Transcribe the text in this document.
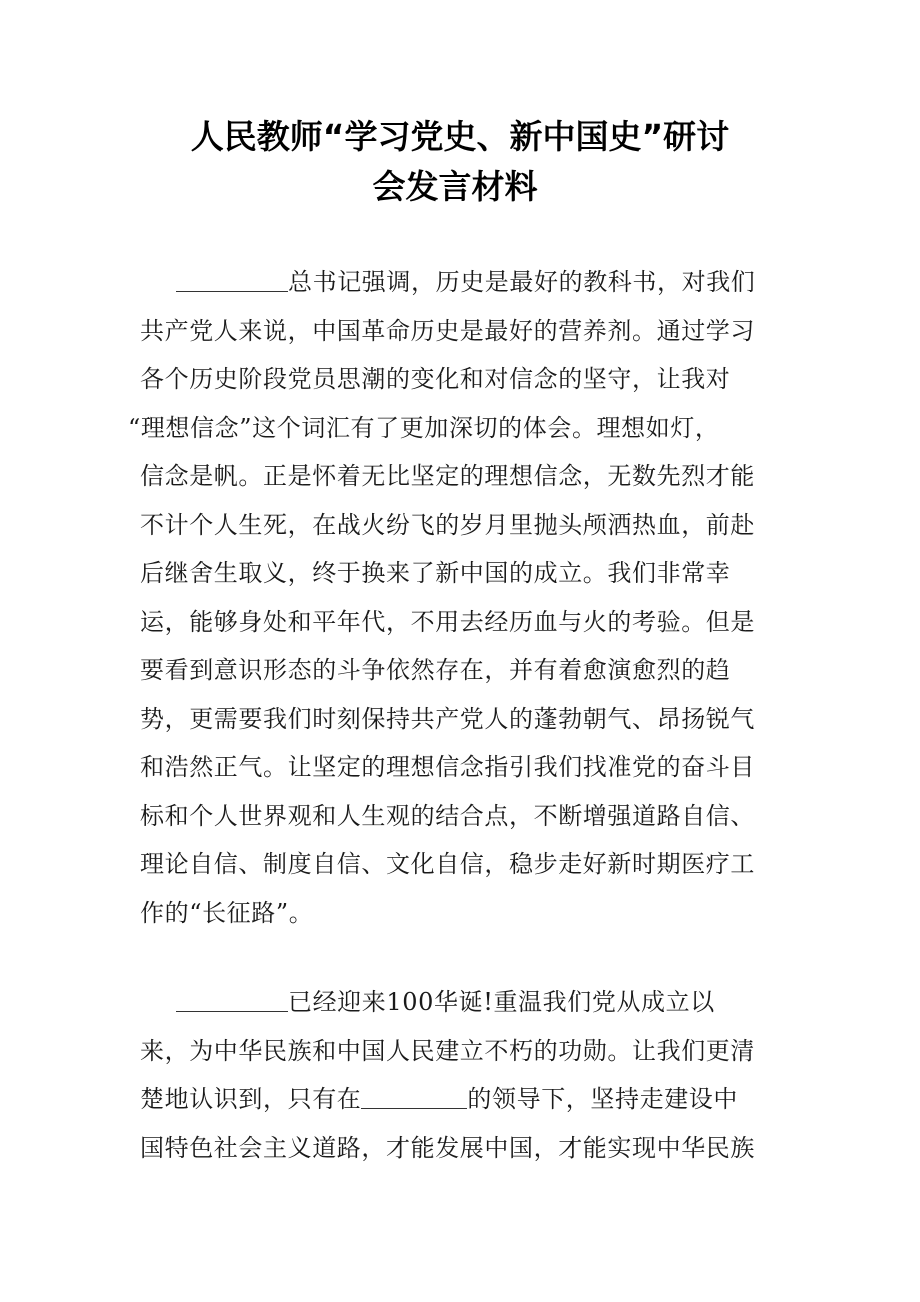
人民教师“学习党史、新中国史”研讨
会发言材料
总书记强调，历史是最好的教科书，对我们
共产党人来说，中国革命历史是最好的营养剂。通过学习
各个历史阶段党员思潮的变化和对信念的坚守，让我对
“理想信念”这个词汇有了更加深切的体会。理想如灯，
信念是帆。正是怀着无比坚定的理想信念，无数先烈才能
不计个人生死，在战火纷飞的岁月里抛头颅洒热血，前赴
后继舍生取义，终于换来了新中国的成立。我们非常幸
运，能够身处和平年代，不用去经历血与火的考验。但是
要看到意识形态的斗争依然存在，并有着愈演愈烈的趋
势，更需要我们时刻保持共产党人的蓬勃朝气、昂扬锐气
和浩然正气。让坚定的理想信念指引我们找准党的奋斗目
标和个人世界观和人生观的结合点，不断增强道路自信、
理论自信、制度自信、文化自信，稳步走好新时期医疗工
作的“长征路”。
已经迎来100华诞!重温我们党从成立以
来，为中华民族和中国人民建立不朽的功勋。让我们更清
楚地认识到，只有在	的领导下，坚持走建设中
国特色社会主义道路，才能发展中国，才能实现中华民族
